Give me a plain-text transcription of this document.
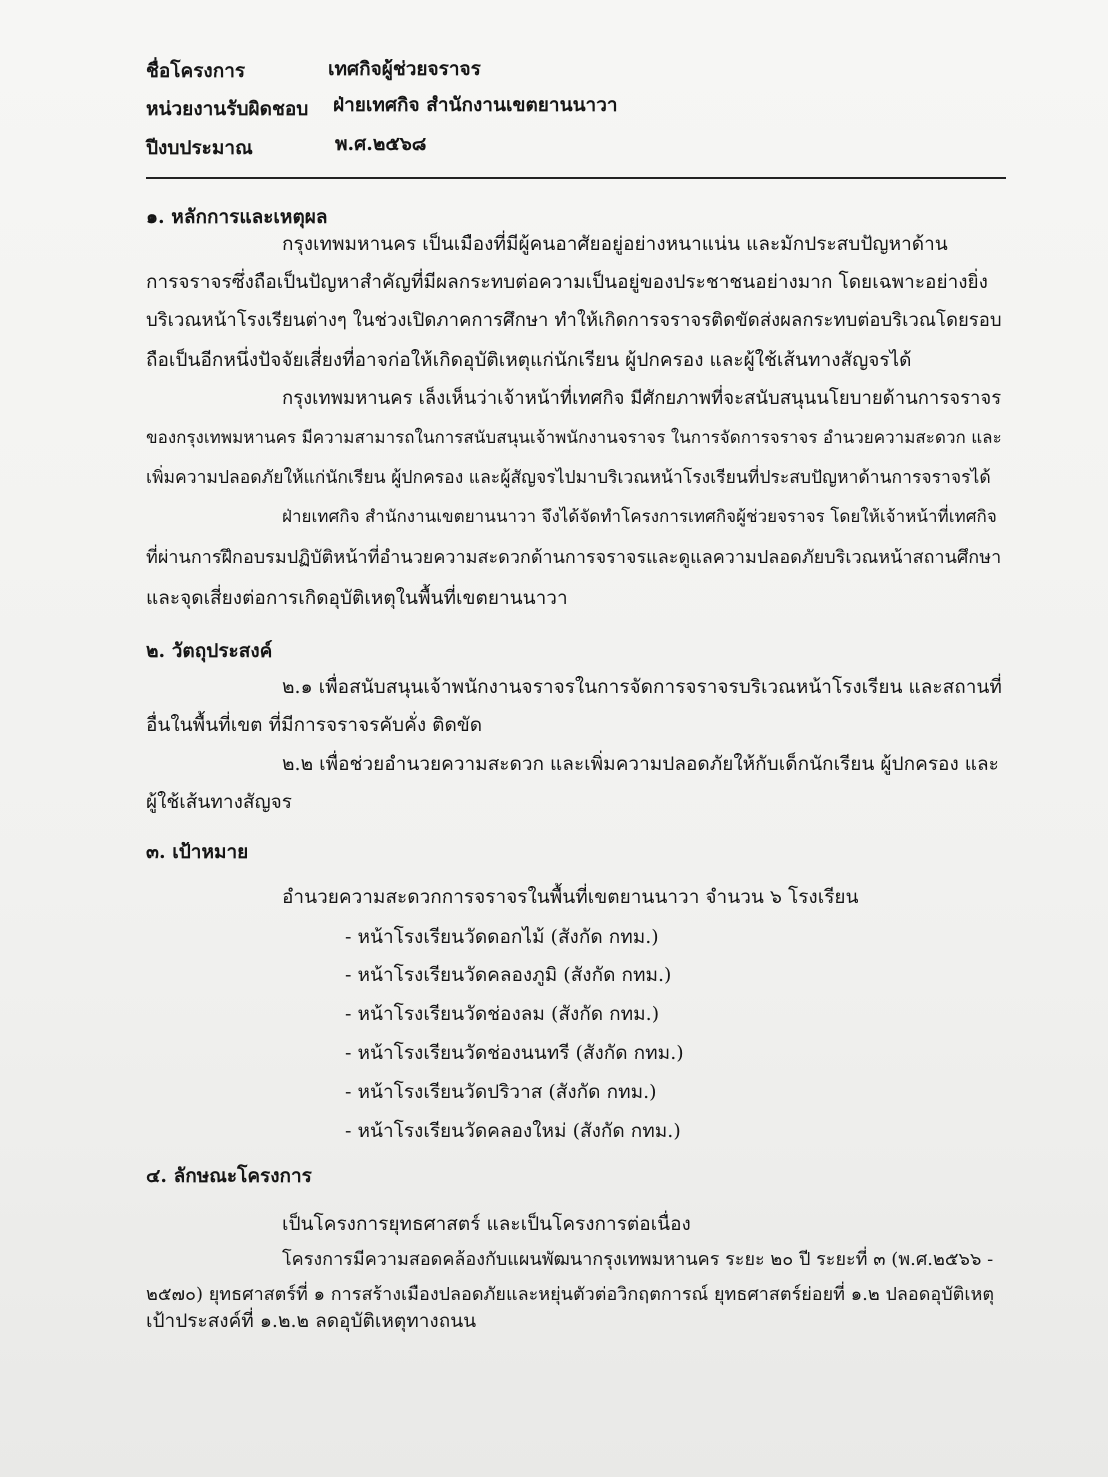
ชื่อโครงการ	เทศกิจผู้ช่วยจราจร
หน่วยงานรับผิดชอบ ฝ่ายเทศกิจ สำนักงานเขตยานนาวา
ปีงบประมาณ	พ.ศ.๒๕๖๘
๑. หลักการและเหตุผล
กรุงเทพมหานคร เป็นเมืองที่มีผู้คนอาศัยอยู่อย่างหนาแน่น และมักประสบปัญหาด้าน
การจราจรซึ่งถือเป็นปัญหาสำคัญที่มีผลกระทบต่อความเป็นอยู่ของประชาชนอย่างมาก โดยเฉพาะอย่างยิ่ง
บริเวณหน้าโรงเรียนต่างๆ ในช่วงเปิดภาคการศึกษา ทำให้เกิดการจราจรติดขัดส่งผลกระทบต่อบริเวณโดยรอบ
ถือเป็นอีกหนึ่งปัจจัยเสี่ยงที่อาจก่อให้เกิดอุบัติเหตุแก่นักเรียน ผู้ปกครอง และผู้ใช้เส้นทางสัญจรได้
กรุงเทพมหานคร เล็งเห็นว่าเจ้าหน้าที่เทศกิจ มีศักยภาพที่จะสนับสนุนนโยบายด้านการจราจร
ของกรุงเทพมหานคร มีความสามารถในการสนับสนุนเจ้าพนักงานจราจร ในการจัดการจราจร อำนวยความสะดวก และ
เพิ่มความปลอดภัยให้แก่นักเรียน ผู้ปกครอง และผู้สัญจรไปมาบริเวณหน้าโรงเรียนที่ประสบปัญหาด้านการจราจรได้
ฝ่ายเทศกิจ สำนักงานเขตยานนาวา จึงได้จัดทำโครงการเทศกิจผู้ช่วยจราจร โดยให้เจ้าหน้าที่เทศกิจ
ที่ผ่านการฝึกอบรมปฏิบัติหน้าที่อำนวยความสะดวกด้านการจราจรและดูแลความปลอดภัยบริเวณหน้าสถานศึกษา
และจุดเสี่ยงต่อการเกิดอุบัติเหตุในพื้นที่เขตยานนาวา
๒. วัตถุประสงค์
๒.๑ เพื่อสนับสนุนเจ้าพนักงานจราจรในการจัดการจราจรบริเวณหน้าโรงเรียน และสถานที่
อื่นในพื้นที่เขต ที่มีการจราจรคับคั่ง ติดขัด
๒.๒ เพื่อช่วยอำนวยความสะดวก และเพิ่มความปลอดภัยให้กับเด็กนักเรียน ผู้ปกครอง และ
ผู้ใช้เส้นทางสัญจร
๓. เป้าหมาย
อำนวยความสะดวกการจราจรในพื้นที่เขตยานนาวา จำนวน ๖ โรงเรียน
- หน้าโรงเรียนวัดดอกไม้ (สังกัด กทม.)
- หน้าโรงเรียนวัดคลองภูมิ (สังกัด กทม.)
- หน้าโรงเรียนวัดช่องลม (สังกัด กทม.)
- หน้าโรงเรียนวัดช่องนนทรี (สังกัด กทม.)
- หน้าโรงเรียนวัดปริวาส (สังกัด กทม.)
- หน้าโรงเรียนวัดคลองใหม่ (สังกัด กทม.)
๔. ลักษณะโครงการ
เป็นโครงการยุทธศาสตร์ และเป็นโครงการต่อเนื่อง
โครงการมีความสอดคล้องกับแผนพัฒนากรุงเทพมหานคร ระยะ ๒๐ ปี ระยะที่ ๓ (พ.ศ.๒๕๖๖ -
๒๕๗๐) ยุทธศาสตร์ที่ ๑ การสร้างเมืองปลอดภัยและหยุ่นตัวต่อวิกฤตการณ์ ยุทธศาสตร์ย่อยที่ ๑.๒ ปลอดอุบัติเหตุ
เป้าประสงค์ที่ ๑.๒.๒ ลดอุบัติเหตุทางถนน
